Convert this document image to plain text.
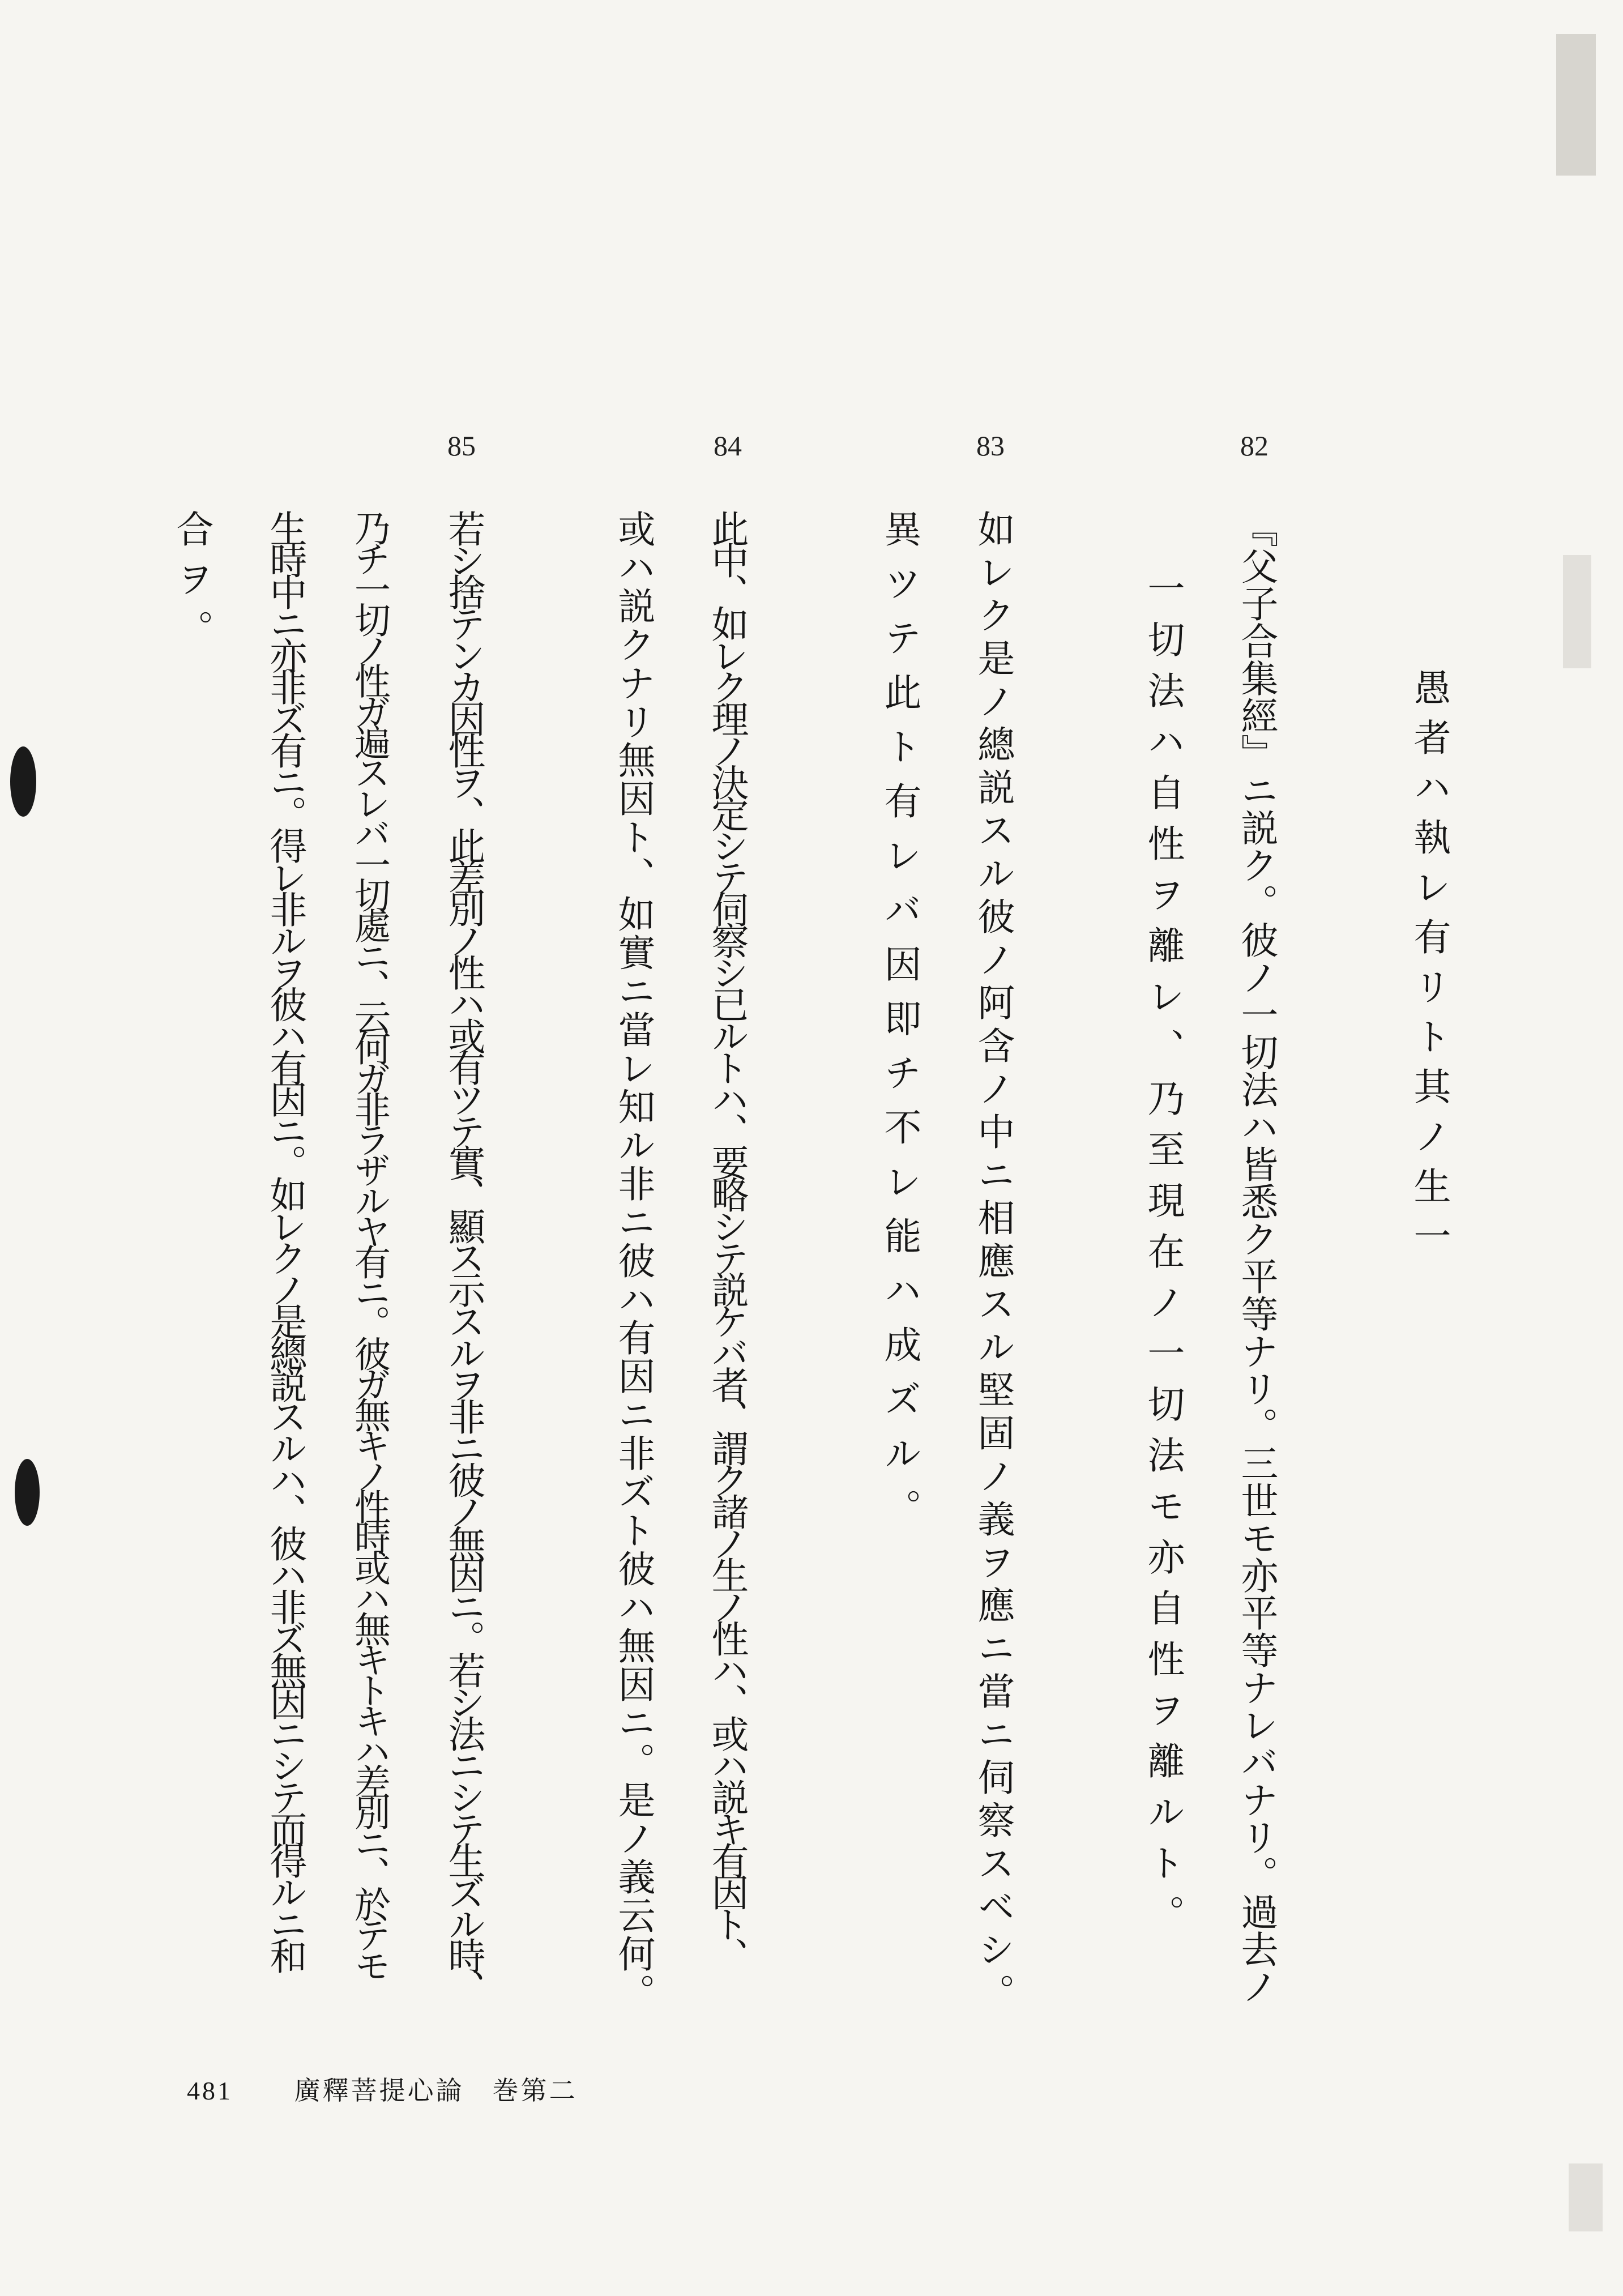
82
83
84
85
愚者ハ執レ有リト其ノ生一
『父子合集經』ニ説ク。彼ノ一切法ハ皆悉ク平等ナリ。三世モ亦平等ナレバナリ。過去ノ
一切法ハ自性ヲ離レ、乃至現在ノ一切法モ亦自性ヲ離ルト。
如レク是ノ總説スル彼ノ阿含ノ中ニ相應スル堅固ノ義ヲ應ニ當ニ伺察スベシ。
異ツテ此ト有レバ因即チ不レ能ハ成ズル。
此中、如レク理ノ決定シテ伺察シ已ルトハ、要略シテ説ケバ者、謂ク諸ノ生ノ性ハ、或ハ説キ有因ト、
或ハ説クナリ無因ト、如實ニ當レ知ル非ニ彼ハ有因ニ非ズト彼ハ無因ニ。是ノ義云何。
若シ捨テンカ因性ヲ、此差別ノ性ハ或有ツテ實、顯ス示スルヲ非ニ彼ノ無因ニ。若シ法ニシテ生ズル時、
乃チ一切ノ性ガ遍スレバ一切處ニ、云何ガ非ラザルヤ有ニ。彼ガ無キノ性時或ハ無キトキハ差別ニ、於テモ
生時中ニ亦非ズ有ニ。得レ非ルヲ彼ハ有因ニ。如レクノ是總説スルハ、彼ハ非ズ無因ニシテ而得ルニ和
合ヲ。
481 廣釋菩提心論　巻第二
